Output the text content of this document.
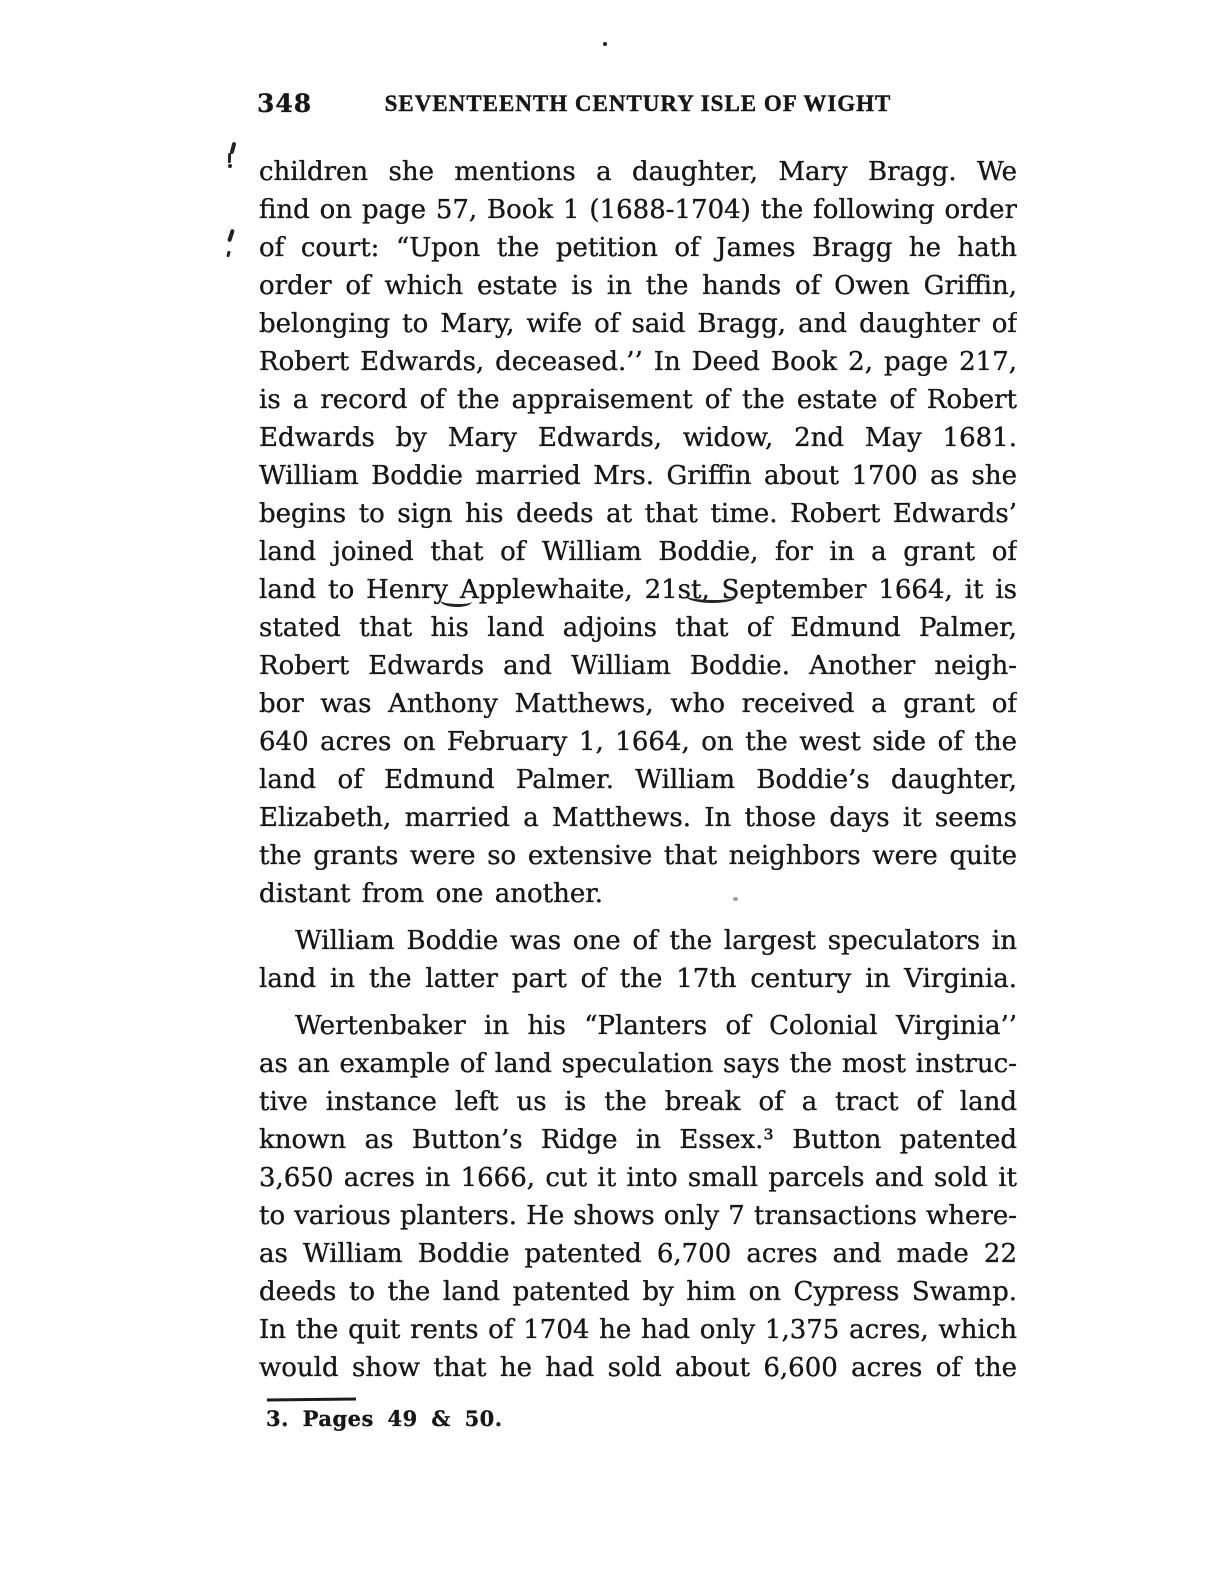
348	SEVENTEENTH CENTURY ISLE OF WIGHT
children she mentions a daughter, Mary Bragg. We
find on page 57, Book 1 (1688-1704) the following order
of court: “Upon the petition of James Bragg he hath
order of which estate is in the hands of Owen Griffin,
belonging to Mary, wife of said Bragg, and daughter of
Robert Edwards, deceased.’’ In Deed Book 2, page 217,
is a record of the appraisement of the estate of Robert
Edwards by Mary Edwards, widow, 2nd May 1681.
William Boddie married Mrs. Griffin about 1700 as she
begins to sign his deeds at that time. Robert Edwards’
land joined that of William Boddie, for in a grant of
land to Henry Applewhaite, 21st, September 1664, it is
stated that his land adjoins that of Edmund Palmer,
Robert Edwards and William Boddie. Another neigh-
bor was Anthony Matthews, who received a grant of
640 acres on February 1, 1664, on the west side of the
land of Edmund Palmer. William Boddie’s daughter,
Elizabeth, married a Matthews. In those days it seems
the grants were so extensive that neighbors were quite
distant from one another.
William Boddie was one of the largest speculators in
land in the latter part of the 17th century in Virginia.
Wertenbaker in his “Planters of Colonial Virginia’’
as an example of land speculation says the most instruc-
tive instance left us is the break of a tract of land
known as Button’s Ridge in Essex.³ Button patented
3,650 acres in 1666, cut it into small parcels and sold it
to various planters. He shows only 7 transactions where-
as William Boddie patented 6,700 acres and made 22
deeds to the land patented by him on Cypress Swamp.
In the quit rents of 1704 he had only 1,375 acres, which
would show that he had sold about 6,600 acres of the
3. Pages 49 & 50.
